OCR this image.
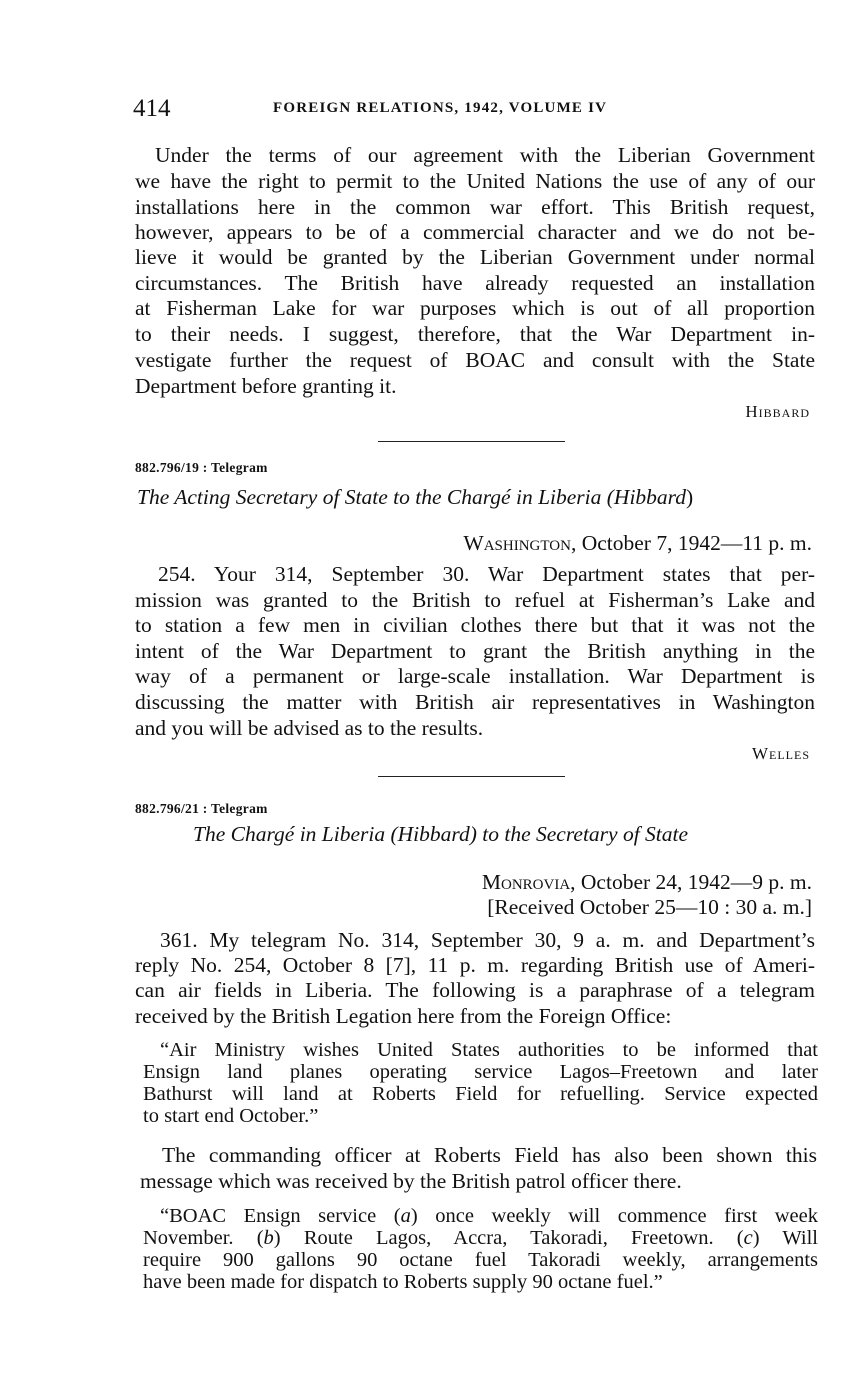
414	FOREIGN RELATIONS, 1942, VOLUME IV
Under the terms of our agreement with the Liberian Government
we have the right to permit to the United Nations the use of any of our
installations here in the common war effort. This British request,
however, appears to be of a commercial character and we do not be-
lieve it would be granted by the Liberian Government under normal
circumstances. The British have already requested an installation
at Fisherman Lake for war purposes which is out of all proportion
to their needs. I suggest, therefore, that the War Department in-
vestigate further the request of BOAC and consult with the State
Department before granting it.
Hibbard
882.796/19 : Telegram
The Acting Secretary of State to the Chargé in Liberia (Hibbard)
Washington, October 7, 1942—11 p. m.
254. Your 314, September 30. War Department states that per-
mission was granted to the British to refuel at Fisherman’s Lake and
to station a few men in civilian clothes there but that it was not the
intent of the War Department to grant the British anything in the
way of a permanent or large-scale installation. War Department is
discussing the matter with British air representatives in Washington
and you will be advised as to the results.
Welles
882.796/21 : Telegram
The Chargé in Liberia (Hibbard) to the Secretary of State
Monrovia, October 24, 1942—9 p. m.
[Received October 25—10 : 30 a. m.]
361. My telegram No. 314, September 30, 9 a. m. and Department’s
reply No. 254, October 8 [7], 11 p. m. regarding British use of Ameri-
can air fields in Liberia. The following is a paraphrase of a telegram
received by the British Legation here from the Foreign Office:
“Air Ministry wishes United States authorities to be informed that
Ensign land planes operating service Lagos–Freetown and later
Bathurst will land at Roberts Field for refuelling. Service expected
to start end October.”
The commanding officer at Roberts Field has also been shown this
message which was received by the British patrol officer there.
“BOAC Ensign service (a) once weekly will commence first week
November. (b) Route Lagos, Accra, Takoradi, Freetown. (c) Will
require 900 gallons 90 octane fuel Takoradi weekly, arrangements
have been made for dispatch to Roberts supply 90 octane fuel.”
